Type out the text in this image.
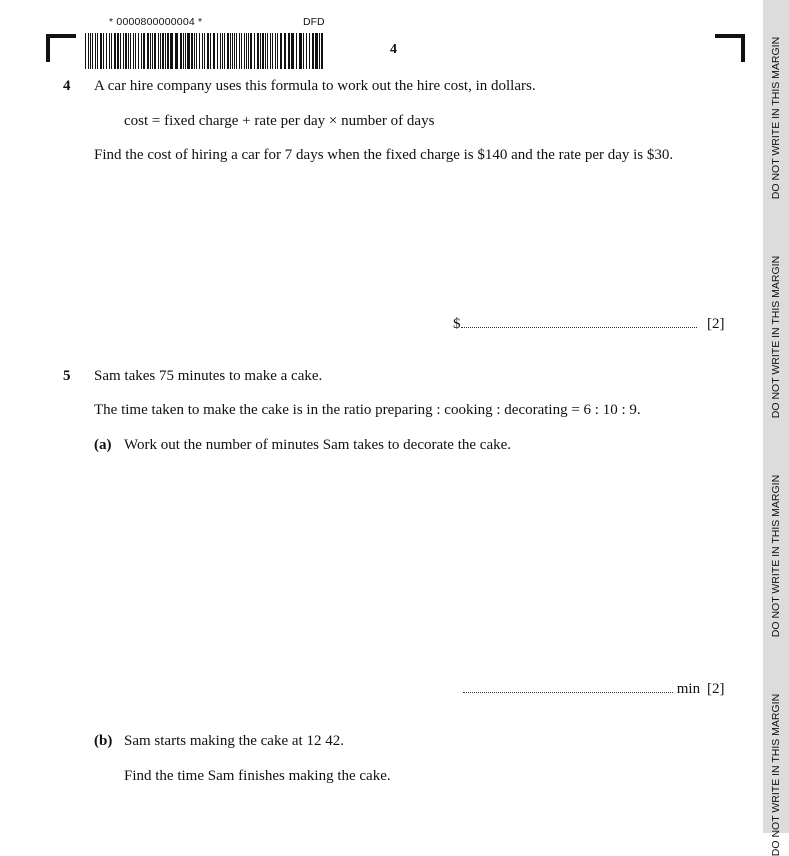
* 0000800000004 *	DFD
4	DO NOT WRITE IN THIS MARGIN
DO NOT WRITE IN THIS MARGIN
DO NOT WRITE IN THIS MARGIN
DO NOT WRITE IN THIS MARGIN
4 A car hire company uses this formula to work out the hire cost, in dollars.
cost = fixed charge + rate per day × number of days
Find the cost of hiring a car for 7 days when the fixed charge is $140 and the rate per day is $30.
$	[2]
5 Sam takes 75 minutes to make a cake.
The time taken to make the cake is in the ratio preparing : cooking : decorating = 6 : 10 : 9.
(a) Work out the number of minutes Sam takes to decorate the cake.
min [2]
(b) Sam starts making the cake at 12 42.
Find the time Sam finishes making the cake.
